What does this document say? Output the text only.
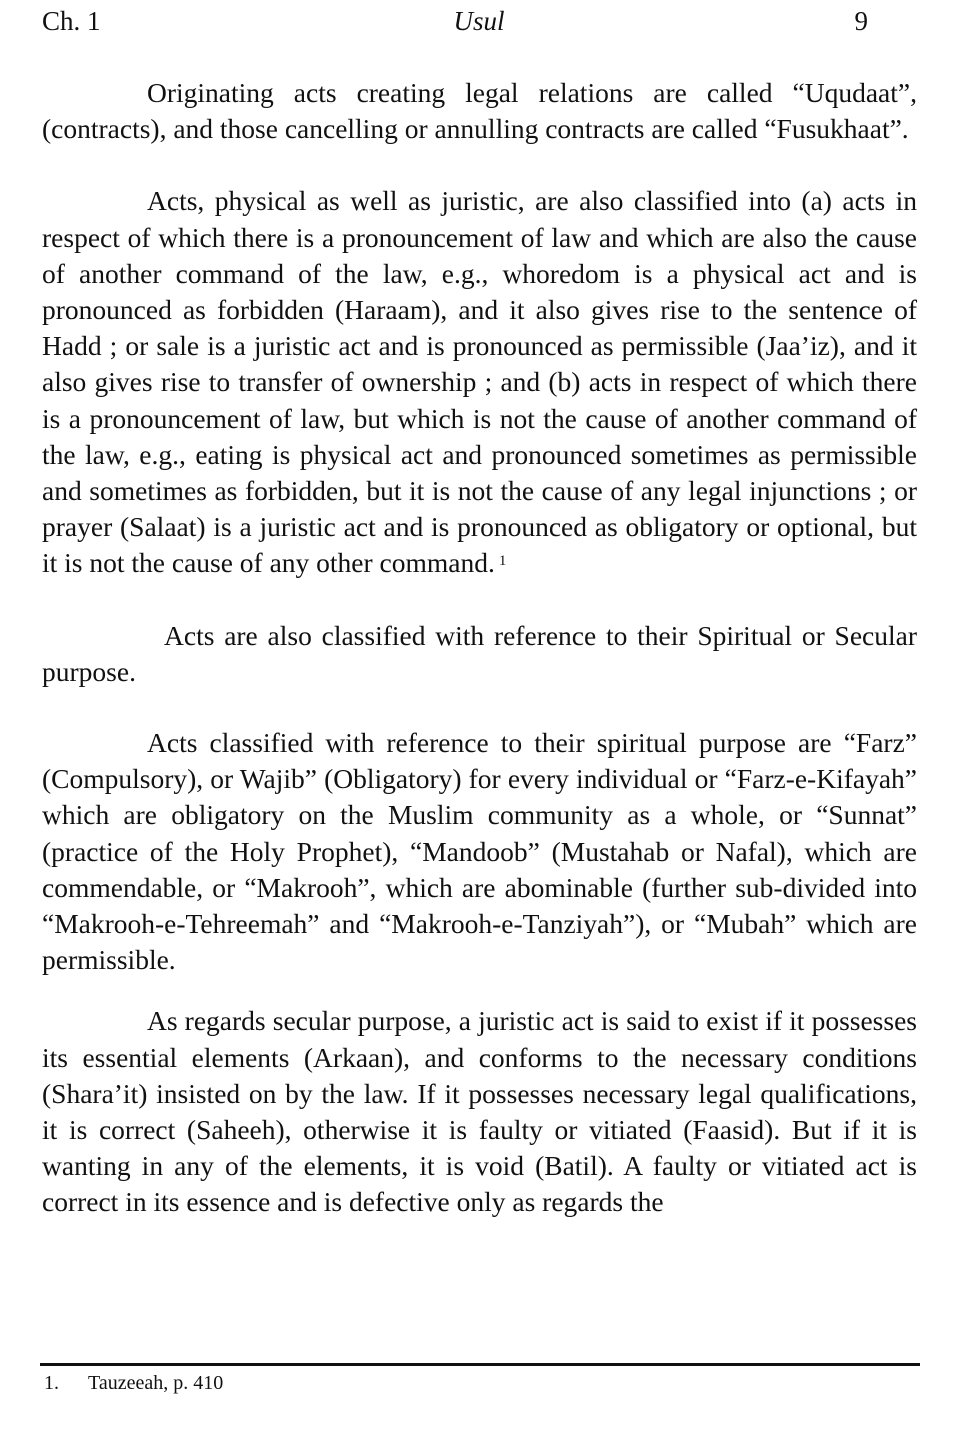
Ch. 1	Usul	9

Originating acts creating legal relations are called “Uqudaat”, (contracts), and those cancelling or annulling contracts are called “Fusukhaat”.

Acts, physical as well as juristic, are also classified into (a) acts in respect of which there is a pronouncement of law and which are also the cause of another command of the law, e.g., whoredom is a physical act and is pronounced as forbidden (Haraam), and it also gives rise to the sentence of Hadd ; or sale is a juristic act and is pronounced as permissible (Jaa’iz), and it also gives rise to transfer of ownership ; and (b) acts in respect of which there is a pronouncement of law, but which is not the cause of another command of the law, e.g., eating is physical act and pronounced sometimes as permissible and sometimes as forbidden, but it is not the cause of any legal injunctions ; or prayer (Salaat) is a juristic act and is pronounced as obligatory or optional, but it is not the cause of any other command. $^1$

Acts are also classified with reference to their Spiritual or Secular purpose.

Acts classified with reference to their spiritual purpose are “Farz” (Compulsory), or Wajib” (Obligatory) for every individual or “Farz-e-Kifayah” which are obligatory on the Muslim community as a whole, or “Sunnat” (practice of the Holy Prophet), “Mandoob” (Mustahab or Nafal), which are commendable, or “Makrooh”, which are abominable (further sub-divided into “Makrooh-e-Tehreemah” and “Makrooh-e-Tanziyah”), or “Mubah” which are permissible.

As regards secular purpose, a juristic act is said to exist if it possesses its essential elements (Arkaan), and conforms to the necessary conditions (Shara’it) insisted on by the law. If it possesses necessary legal qualifications, it is correct (Saheeh), otherwise it is faulty or vitiated (Faasid). But if it is wanting in any of the elements, it is void (Batil). A faulty or vitiated act is correct in its essence and is defective only as regards the

1. Tauzeeah, p. 410
